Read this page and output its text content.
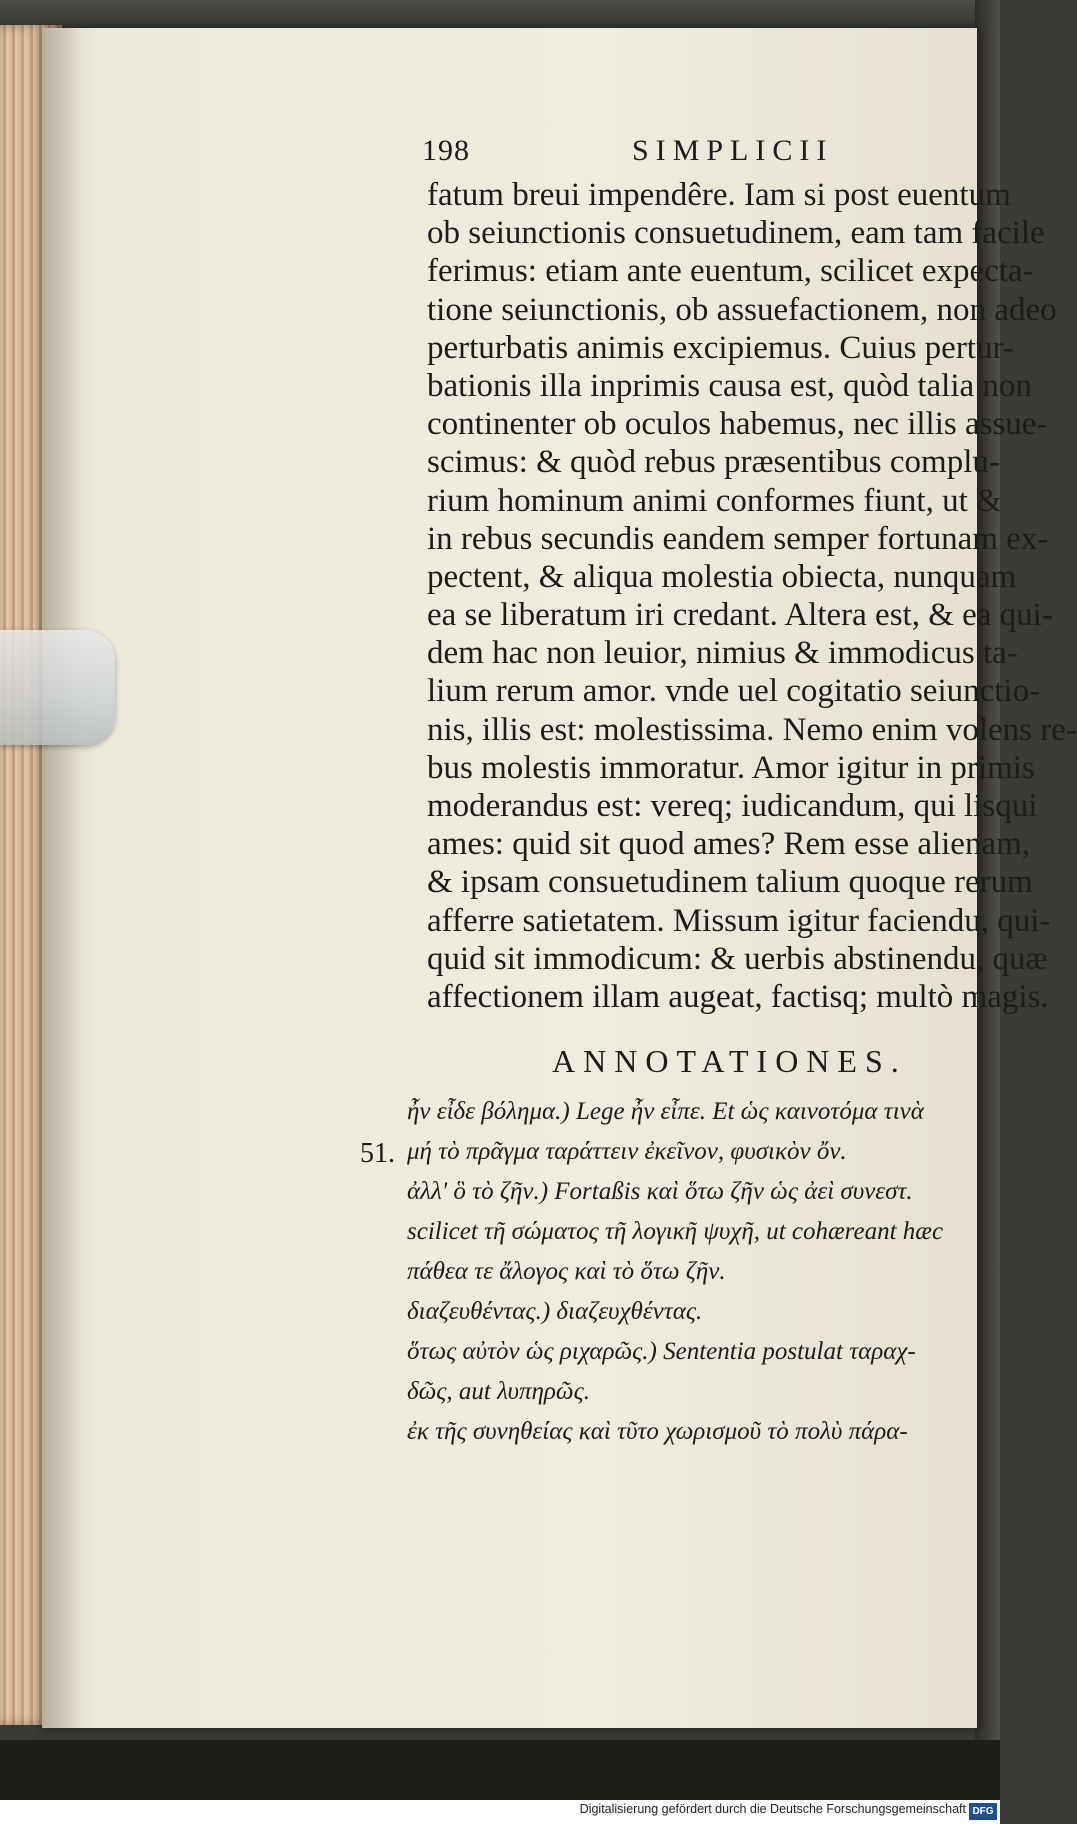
198	SIMPLICII
fatum breui impendêre. Iam si post euentum
ob seiunctionis consuetudinem, eam tam facile
ferimus: etiam ante euentum, scilicet expecta-
tione seiunctionis, ob assuefactionem, non adeo
perturbatis animis excipiemus. Cuius pertur-
bationis illa inprimis causa est, quòd talia non
continenter ob oculos habemus, nec illis assue-
scimus: & quòd rebus præsentibus complu-
rium hominum animi conformes fiunt, ut &
in rebus secundis eandem semper fortunam ex-
pectent, & aliqua molestia obiecta, nunquam
ea se liberatum iri credant. Altera est, & ea qui-
dem hac non leuior, nimius & immodicus ta-
lium rerum amor. vnde uel cogitatio seiunctio-
nis, illis est: molestissima. Nemo enim volens re-
bus molestis immoratur. Amor igitur in primis
moderandus est: vereq; iudicandum, qui lisqui
ames: quid sit quod ames? Rem esse alienam,
& ipsam consuetudinem talium quoque rerum
afferre satietatem. Missum igitur faciendu, qui-
quid sit immodicum: & uerbis abstinendu, quæ
affectionem illam augeat, factisq; multò magis.
ANNOTATIONES.
51.
ἦν εἶδε βόλημα.) Lege ἦν εἶπε. Et ὡς καινοτόμα τινὰ
μή τὸ πρᾶγμα ταράττειν ἐκεῖνον, φυσικὸν ὄν.
ἀλλ' ὃ τὸ ζῆν.) Fortaßis καὶ ὅτω ζῆν ὡς ἀεὶ συνεστ.
scilicet τῆ σώματος τῆ λογικῆ ψυχῆ, ut cohæreant hæc
πάθεα τε ἄλογος καὶ τὸ ὅτω ζῆν.
διαζευθέντας.) διαζευχθέντας.
ὅτως αὐτὸν ὡς ριχαρῶς.) Sententia postulat ταραχ-
δῶς, aut λυπηρῶς.
ἐκ τῆς συνηθείας καὶ τῦτο χωρισμοῦ τὸ πολὺ πάρα-
Digitalisierung gefördert durch die Deutsche Forschungsgemeinschaft DFG
